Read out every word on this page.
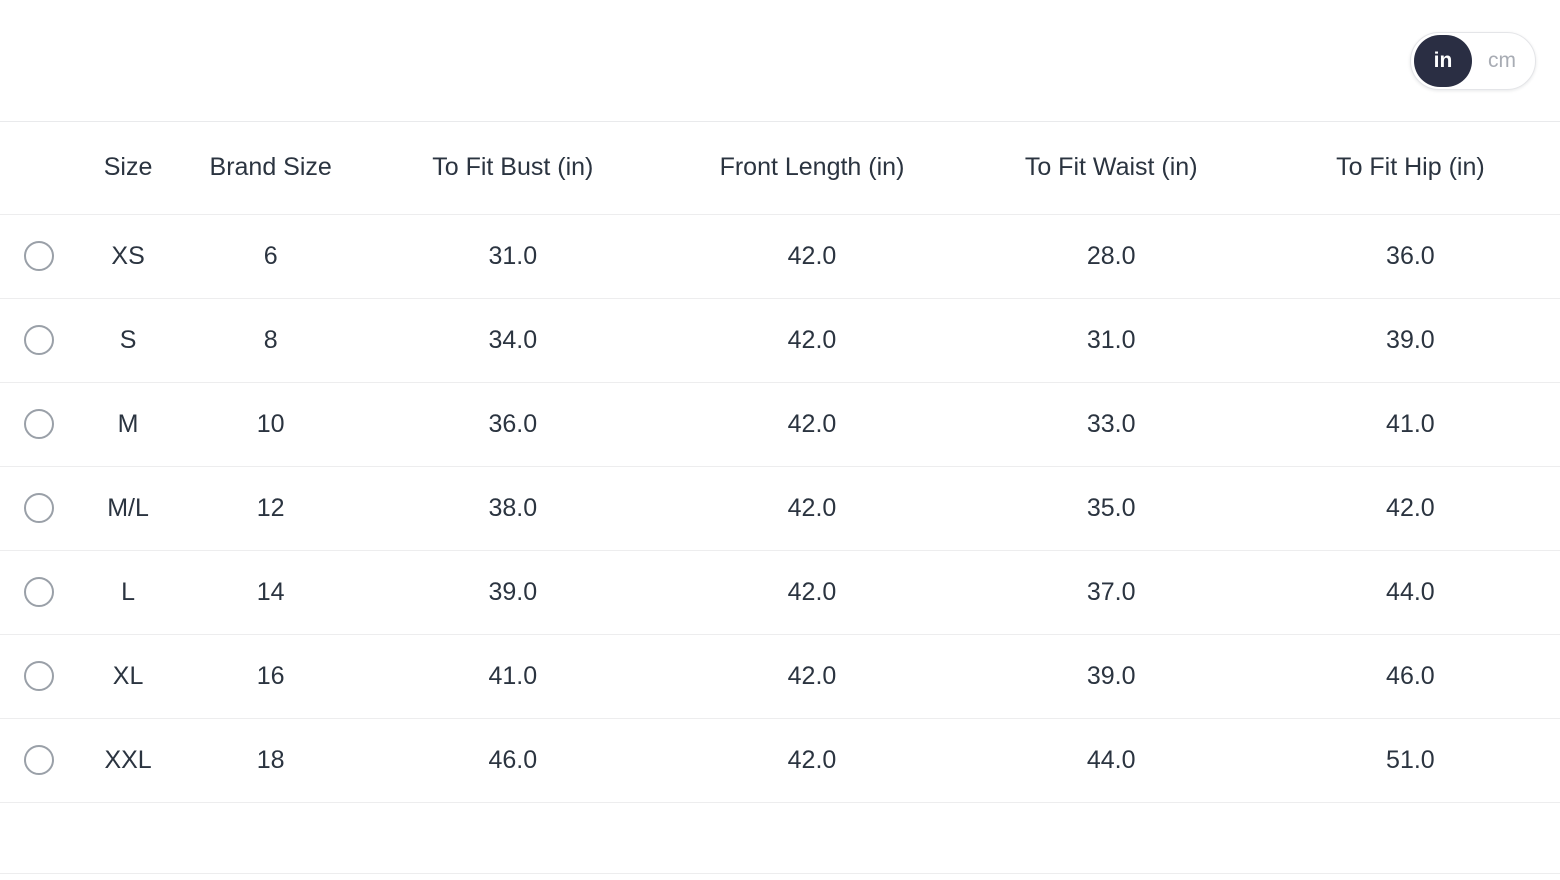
in	cm
	Size	Brand Size	To Fit Bust (in)	Front Length (in)	To Fit Waist (in)	To Fit Hip (in)
	XS	6	31.0	42.0	28.0	36.0
	S	8	34.0	42.0	31.0	39.0
	M	10	36.0	42.0	33.0	41.0
	M/L	12	38.0	42.0	35.0	42.0
	L	14	39.0	42.0	37.0	44.0
	XL	16	41.0	42.0	39.0	46.0
	XXL	18	46.0	42.0	44.0	51.0
